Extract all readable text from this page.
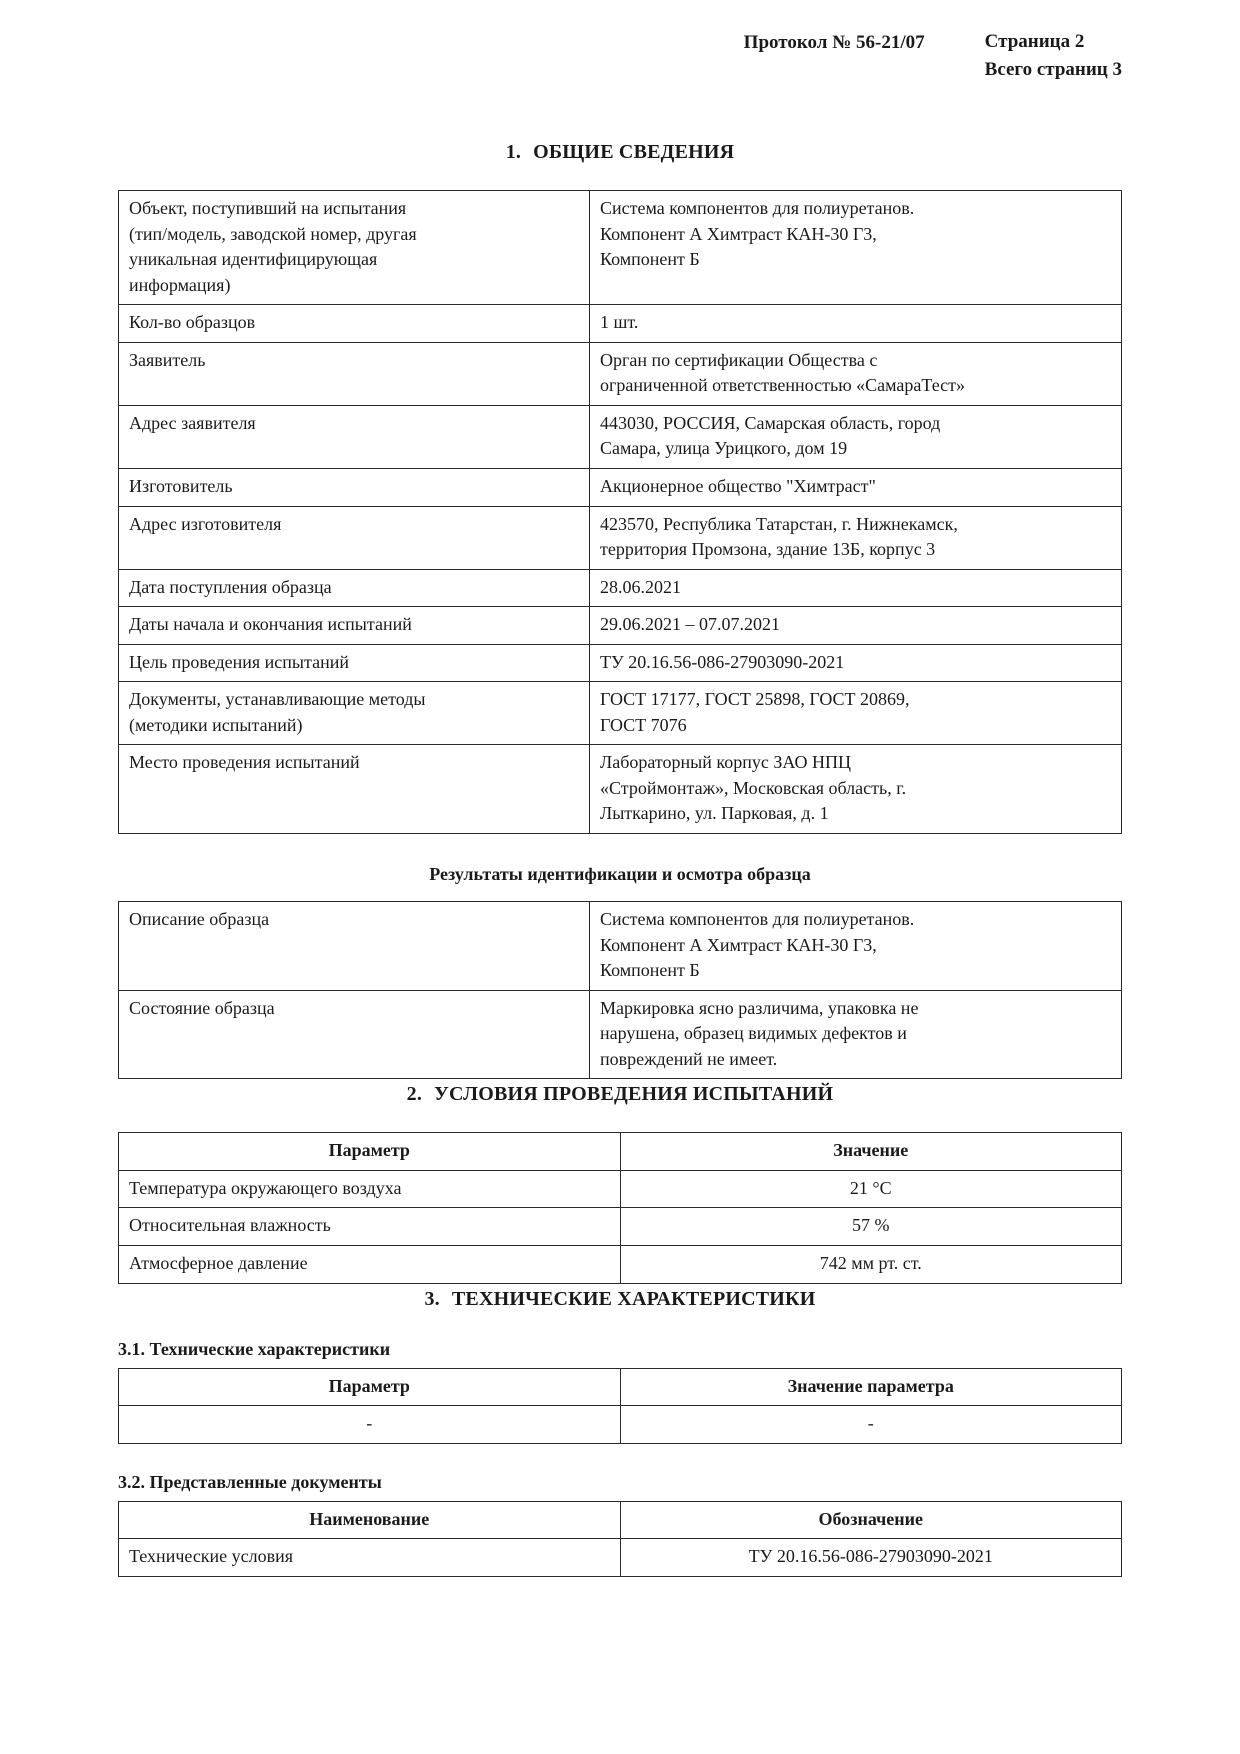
Протокол № 56-21/07	Страница 2
Всего страниц 3
1. ОБЩИЕ СВЕДЕНИЯ
Объект, поступивший на испытания
(тип/модель, заводской номер, другая
уникальная идентифицирующая
информация)	Система компонентов для полиуретанов.
Компонент А Химтраст КАН-30 Г3,
Компонент Б

Кол-во образцов	1 шт.

Заявитель	Орган по сертификации Общества с
ограниченной ответственностью «СамараТест»

Адрес заявителя	443030, РОССИЯ, Самарская область, город
Самара, улица Урицкого, дом 19

Изготовитель	Акционерное общество "Химтраст"

Адрес изготовителя	423570, Республика Татарстан, г. Нижнекамск,
территория Промзона, здание 13Б, корпус 3

Дата поступления образца	28.06.2021

Даты начала и окончания испытаний	29.06.2021 – 07.07.2021

Цель проведения испытаний	ТУ 20.16.56-086-27903090-2021

Документы, устанавливающие методы
(методики испытаний)	ГОСТ 17177, ГОСТ 25898, ГОСТ 20869,
ГОСТ 7076

Место проведения испытаний	Лабораторный корпус ЗАО НПЦ
«Строймонтаж», Московская область, г.
Лыткарино, ул. Парковая, д. 1
Результаты идентификации и осмотра образца
Описание образца	Система компонентов для полиуретанов.
Компонент А Химтраст КАН-30 Г3,
Компонент Б

Состояние образца	Маркировка ясно различима, упаковка не
нарушена, образец видимых дефектов и
повреждений не имеет.
2. УСЛОВИЯ ПРОВЕДЕНИЯ ИСПЫТАНИЙ
Параметр	Значение
Температура окружающего воздуха	21 °C
Относительная влажность	57 %
Атмосферное давление	742 мм рт. ст.
3. ТЕХНИЧЕСКИЕ ХАРАКТЕРИСТИКИ
3.1. Технические характеристики
Параметр	Значение параметра
-	-
3.2. Представленные документы
Наименование	Обозначение
Технические условия	ТУ 20.16.56-086-27903090-2021
